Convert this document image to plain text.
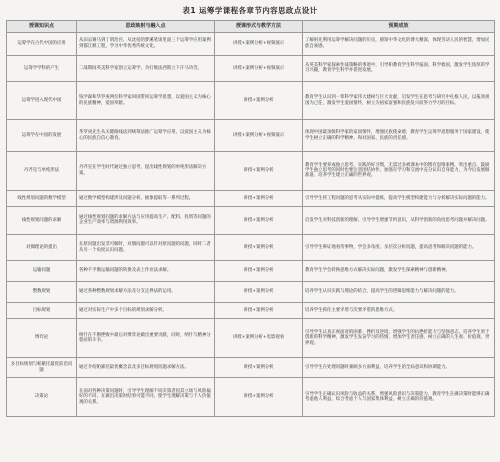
表1 运筹学课程各章节内容思政点设计
授课知识点	思政映射与融入点	授课形式与教学方法	预期成效
运筹学在古代中国的应用	从田忌赛马到丁谓治宫、从沈括的梦溪笔谈里面三个运筹学应用案例到都江堰工程，学习中华优秀传统文化。	讲授+案例分析+视频演示	了解祖先利用运筹学解决问题的历史，感知中华文化的博大精深，体现劳动人民的智慧，增加民族自豪感。
运筹学学科的产生	二战期间英美科学家创立运筹学，为打败法西斯立下汗马功劳。	讲授+案例分析+视频演示	从英美科学家探索作战策略的事迹中，引导和教育学生科学报国、科学救国，激发学生浓厚的学习兴趣，教育学生科学并促进发展。
运筹学进入现代中国	钱学森和华罗庚两位科学家回国带回运筹学思想，以爱国主义为核心的民族精神，爱国奉献。	讲授+案例分析	教育学生认识到一辈科学家伟大建树与巨大贡献，启发学生在思考与研究中扎根人民，以报效祖国为己任，激发学生爱国情怀，树立为国家富强和民族复兴而努力学习的目标。
运筹学在中国的发展	华罗庚先生从关键路线法到统筹法推广运筹学应用，以爱国主义为核心的民族自信心教育。	讲授+案例分析+视频演示	体现中国最顶级科学家的家国情怀，增强民族使命感，教育学生运筹学思想服务于国家建设，使学生树立正确的科学精神，和对国家、民族的责任感。
丹齐克与单纯形法	丹齐克在学生时代通过独立思考，提出线性规划的单纯形法解决方案。	讲授+案例分析	教育学生要养成独立思考、实践的好习惯，无需过多被课本中的惯有思维束缚，突出重点，鼓励学生独立思考的同时也要注意团结协作，加强在学习和交流中充分认识自身能力，为今后发展做准备，培养学生建立正确的世界观。
线性规划问题的数学模型	通过数学模型构建涉及问题分析、抽象提取等一系列过程。	讲授+案例分析	引导学生将工程问题的思考从实际中提炼，提高学生模型构建能力与分析解决实际问题的能力。
线性规划问题的求解	通过线性规划问题的求解方法与应用提高生产、配料、投资等问题的企业生产效率与资源利用效率。	讲授+案例分析	启发学生对科技创新的理解，引导学生增强节约意识，从科学创新的角度思考问题并解决问题。
对偶理论的提出	在原问题出发非可解时，对偶问题可以针对原问题的问题，同时二者从另一个角度认识问题。	讲授+案例分析	引导学生辩证地看待事物，学会多角度、多层次分析问题，提高思考和解决问题的能力。
运输问题	各种不平衡运输问题的转换及表上作业法求解。	讲授+案例分析	教育学生学会转换思维方式解决实际问题，激发学生探索精神与创新精神。
整数规划	通过各种整数规划求解方法及分支定界法的运用。	讲授+案例分析	培养学生认识实践与理论的结合，提高学生的逻辑思维能力与解决问题的能力。
目标规划	通过对实际生产中多个目标的规划求解分析。	讲授+案例分析	培养学生抓住主要矛盾与次要矛盾的思维方式。
博弈论	纳什在不断挫败中最后对博弈论做出重要贡献，同时，纳什与精神分裂症的斗争。	讲授+案例分析+电影观看	引导学生认真正视面对的困难、挫折及逆境，增强学生的抗挫折能力与坚强意志，培养学生勇于创新的科学精神，激发学生发奋学习的热情，增加学生责任感，树立正确的人生观、价值观、世界观。
多目标规划与帕累托最优前沿问题	通过介绍帕累托最优概念以及多目标规划问题求解方法。	讲授+案例分析	引导学生在处理问题时兼顾多方面利益，培养学生的全局意识和协调能力。
决策论	在面对各种决策问题时，引导学生理解不同决策者因其立场与风险偏好的不同，在做出决策时结果可能不同，使学生理解决策与个人价值观的关系。	讲授+案例分析	引导学生正确认识风险与收益的关系，增强风险意识与决策能力，教育学生在做决策时能够正确考虑他人利益，综合考虑个人与国家集体利益，树立正确的价值观。
